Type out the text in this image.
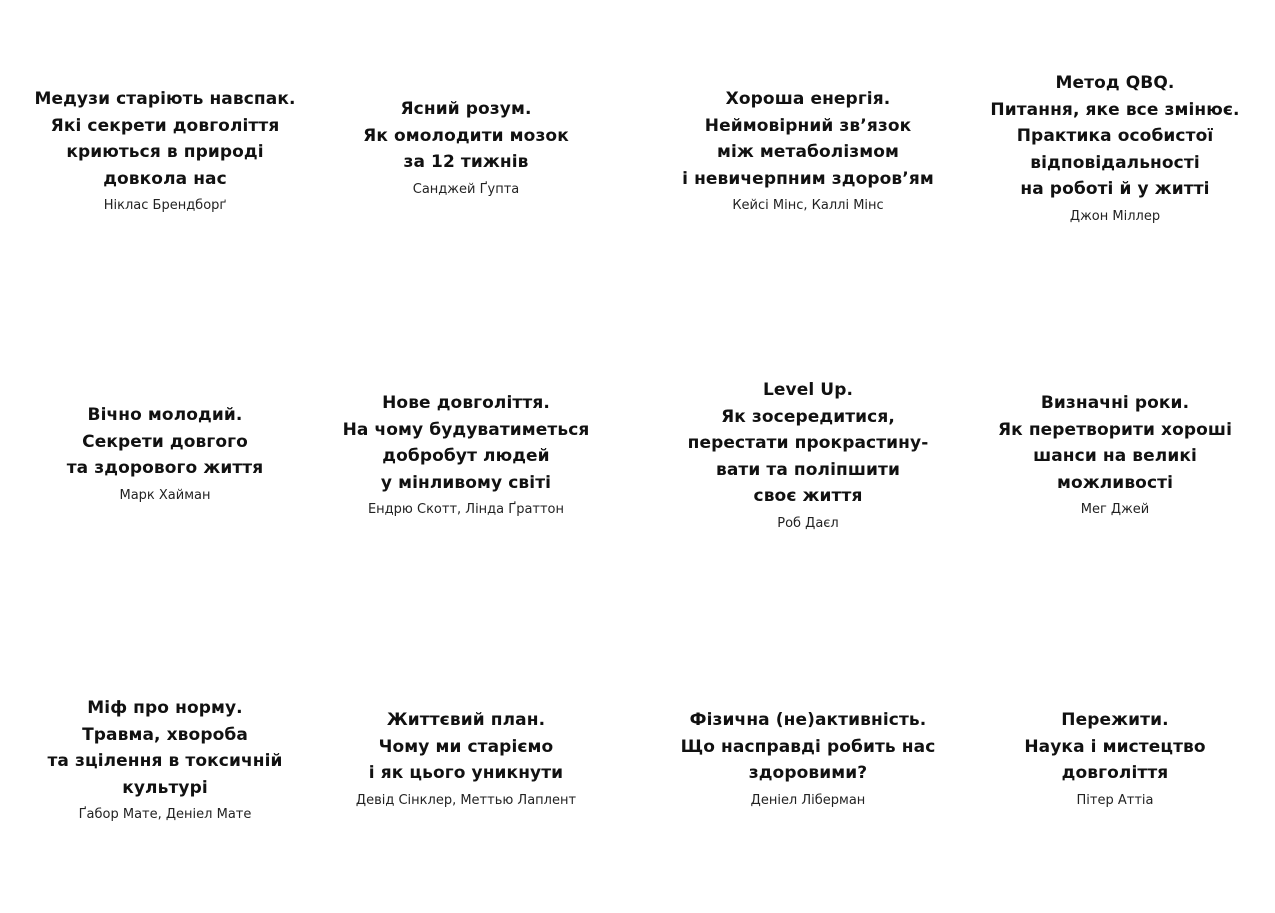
Медузи старіють навспак.
Які секрети довголіття
криються в природі
довкола нас
Ніклас Брендборґ
Ясний розум.
Як омолодити мозок
за 12 тижнів
Санджей Ґупта
Хороша енергія.
Неймовірний зв’язок
між метаболізмом
і невичерпним здоров’ям
Кейсі Мінс, Каллі Мінс
Метод QBQ.
Питання, яке все змінює.
Практика особистої
відповідальності
на роботі й у житті
Джон Міллер
Вічно молодий.
Секрети довгого
та здорового життя
Марк Хайман
Нове довголіття.
На чому будуватиметься
добробут людей
у мінливому світі
Ендрю Скотт, Лінда Ґраттон
Level Up.
Як зосередитися,
перестати прокрастину-
вати та поліпшити
своє життя
Роб Даєл
Визначні роки.
Як перетворити хороші
шанси на великі
можливості
Мег Джей
Міф про норму.
Травма, хвороба
та зцілення в токсичній
культурі
Ґабор Мате, Деніел Мате
Життєвий план.
Чому ми старіємо
і як цього уникнути
Девід Сінклер, Меттью Лаплент
Фізична (не)активність.
Що насправді робить нас
здоровими?
Деніел Ліберман
Пережити.
Наука і мистецтво
довголіття
Пітер Аттіа
